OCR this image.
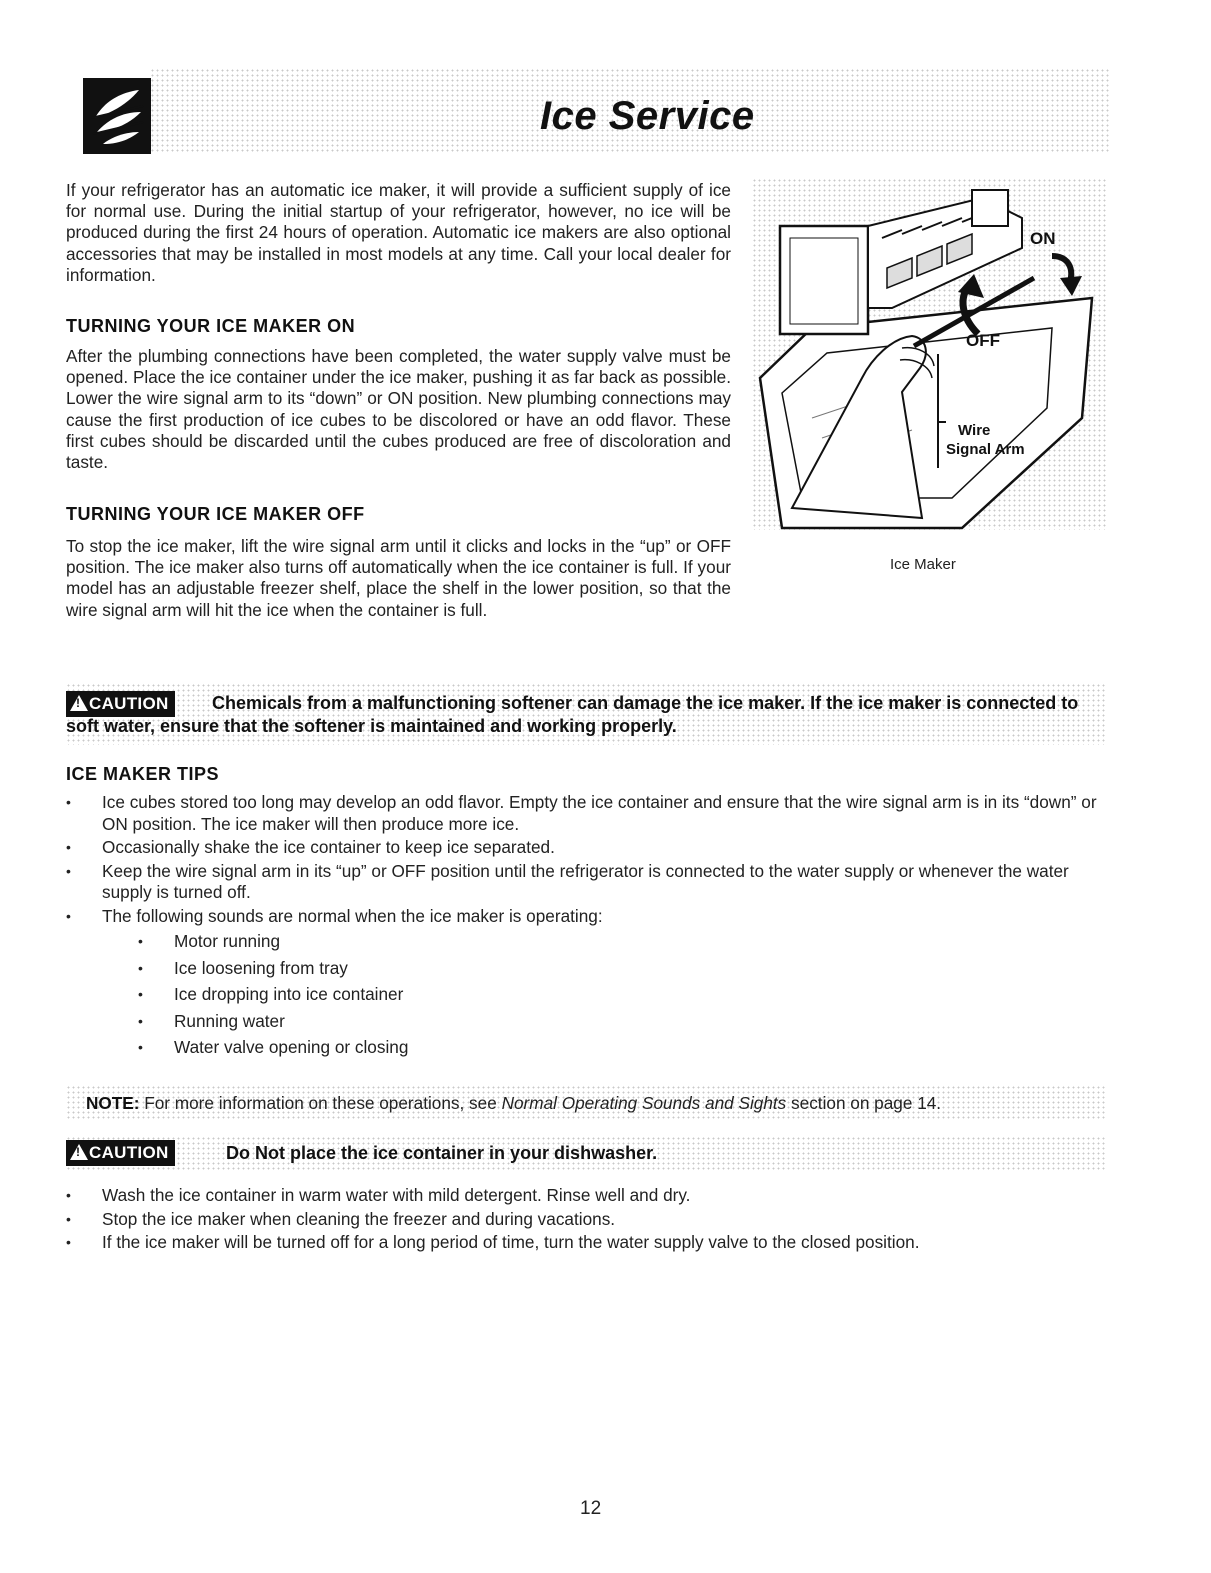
Ice Service
If your refrigerator has an automatic ice maker, it will provide a sufficient supply of ice for normal use. During the initial startup of your refrigerator, however, no ice will be produced during the first 24 hours of operation. Automatic ice makers are also optional accessories that may be installed in most models at any time. Call your local dealer for information.
TURNING YOUR ICE MAKER ON
After the plumbing connections have been completed, the water supply valve must be opened. Place the ice container under the ice maker, pushing it as far back as possible. Lower the wire signal arm to its “down” or ON position. New plumbing connections may cause the first production of ice cubes to be discolored or have an odd flavor. These first cubes should be discarded until the cubes produced are free of discoloration and taste.
TURNING YOUR ICE MAKER OFF
To stop the ice maker, lift the wire signal arm until it clicks and locks in the “up” or OFF position. The ice maker also turns off automatically when the ice container is full. If your model has an adjustable freezer shelf, place the shelf in the lower position, so that the wire signal arm will hit the ice when the container is full.
ON
OFF
Wire
Signal Arm
Ice Maker
!CAUTION	Chemicals from a malfunctioning softener can damage the ice maker. If the ice maker is connected to soft water, ensure that the softener is maintained and working properly.
ICE MAKER TIPS
• Ice cubes stored too long may develop an odd flavor. Empty the ice container and ensure that the wire signal arm is in its “down” or ON position. The ice maker will then produce more ice.
• Occasionally shake the ice container to keep ice separated.
• Keep the wire signal arm in its “up” or OFF position until the refrigerator is connected to the water supply or whenever the water supply is turned off.
• The following sounds are normal when the ice maker is operating:
• Motor running
• Ice loosening from tray
• Ice dropping into ice container
• Running water
• Water valve opening or closing
NOTE: For more information on these operations, see Normal Operating Sounds and Sights section on page 14.
!CAUTION	Do Not place the ice container in your dishwasher.
• Wash the ice container in warm water with mild detergent. Rinse well and dry.
• Stop the ice maker when cleaning the freezer and during vacations.
• If the ice maker will be turned off for a long period of time, turn the water supply valve to the closed position.
12
